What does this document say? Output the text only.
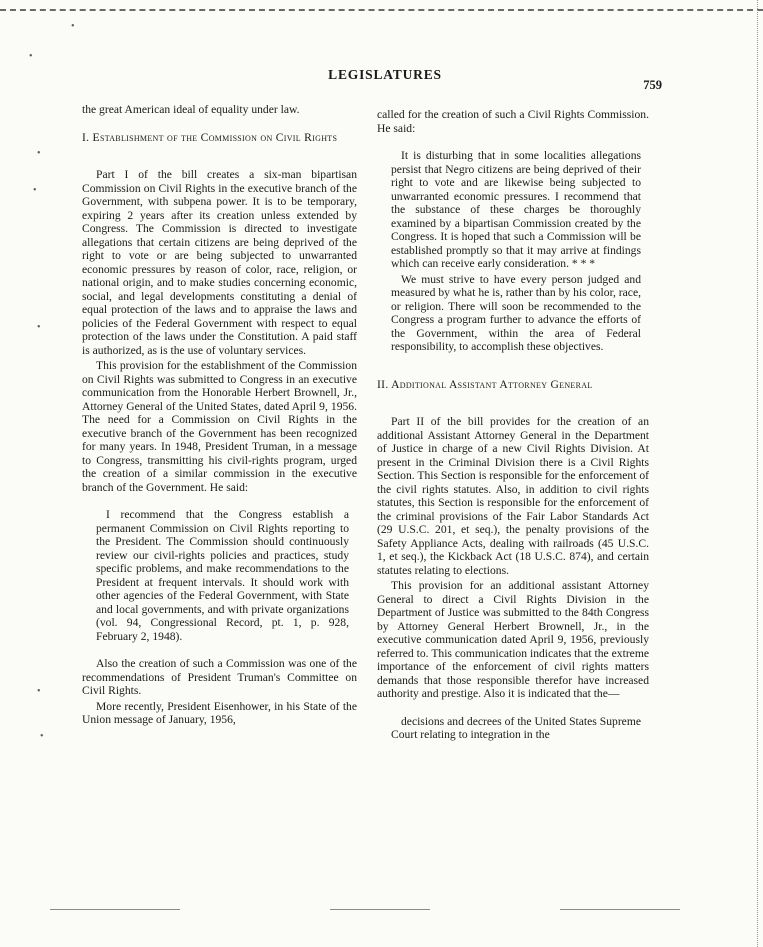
•
•
•
•
•
•
•
LEGISLATURES
759

the great American ideal of equality under law.

I. Establishment of the Commission on Civil Rights

Part I of the bill creates a six-man bipartisan Commission on Civil Rights in the executive branch of the Government, with subpena power. It is to be temporary, expiring 2 years after its creation unless extended by Congress. The Commission is directed to investigate allegations that certain citizens are being deprived of the right to vote or are being subjected to unwarranted economic pressures by reason of color, race, religion, or national origin, and to make studies concerning economic, social, and legal developments constituting a denial of equal protection of the laws and to appraise the laws and policies of the Federal Government with respect to equal protection of the laws under the Constitution. A paid staff is authorized, as is the use of voluntary services.

This provision for the establishment of the Commission on Civil Rights was submitted to Congress in an executive communication from the Honorable Herbert Brownell, Jr., Attorney General of the United States, dated April 9, 1956. The need for a Commission on Civil Rights in the executive branch of the Government has been recognized for many years. In 1948, President Truman, in a message to Congress, transmitting his civil-rights program, urged the creation of a similar commission in the executive branch of the Government. He said:

I recommend that the Congress establish a permanent Commission on Civil Rights reporting to the President. The Commission should continuously review our civil-rights policies and practices, study specific problems, and make recommendations to the President at frequent intervals. It should work with other agencies of the Federal Government, with State and local governments, and with private organizations (vol. 94, Congressional Record, pt. 1, p. 928, February 2, 1948).

Also the creation of such a Commission was one of the recommendations of President Truman's Committee on Civil Rights.

More recently, President Eisenhower, in his State of the Union message of January, 1956,

called for the creation of such a Civil Rights Commission. He said:

It is disturbing that in some localities allegations persist that Negro citizens are being deprived of their right to vote and are likewise being subjected to unwarranted economic pressures. I recommend that the substance of these charges be thoroughly examined by a bipartisan Commission created by the Congress. It is hoped that such a Commission will be established promptly so that it may arrive at findings which can receive early consideration. * * *

We must strive to have every person judged and measured by what he is, rather than by his color, race, or religion. There will soon be recommended to the Congress a program further to advance the efforts of the Government, within the area of Federal responsibility, to accomplish these objectives.

II. Additional Assistant Attorney General

Part II of the bill provides for the creation of an additional Assistant Attorney General in the Department of Justice in charge of a new Civil Rights Division. At present in the Criminal Division there is a Civil Rights Section. This Section is responsible for the enforcement of the civil rights statutes. Also, in addition to civil rights statutes, this Section is responsible for the enforcement of the criminal provisions of the Fair Labor Standards Act (29 U.S.C. 201, et seq.), the penalty provisions of the Safety Appliance Acts, dealing with railroads (45 U.S.C. 1, et seq.), the Kickback Act (18 U.S.C. 874), and certain statutes relating to elections.

This provision for an additional assistant Attorney General to direct a Civil Rights Division in the Department of Justice was submitted to the 84th Congress by Attorney General Herbert Brownell, Jr., in the executive communication dated April 9, 1956, previously referred to. This communication indicates that the extreme importance of the enforcement of civil rights matters demands that those responsible therefor have increased authority and prestige. Also it is indicated that the—

decisions and decrees of the United States Supreme Court relating to integration in the
